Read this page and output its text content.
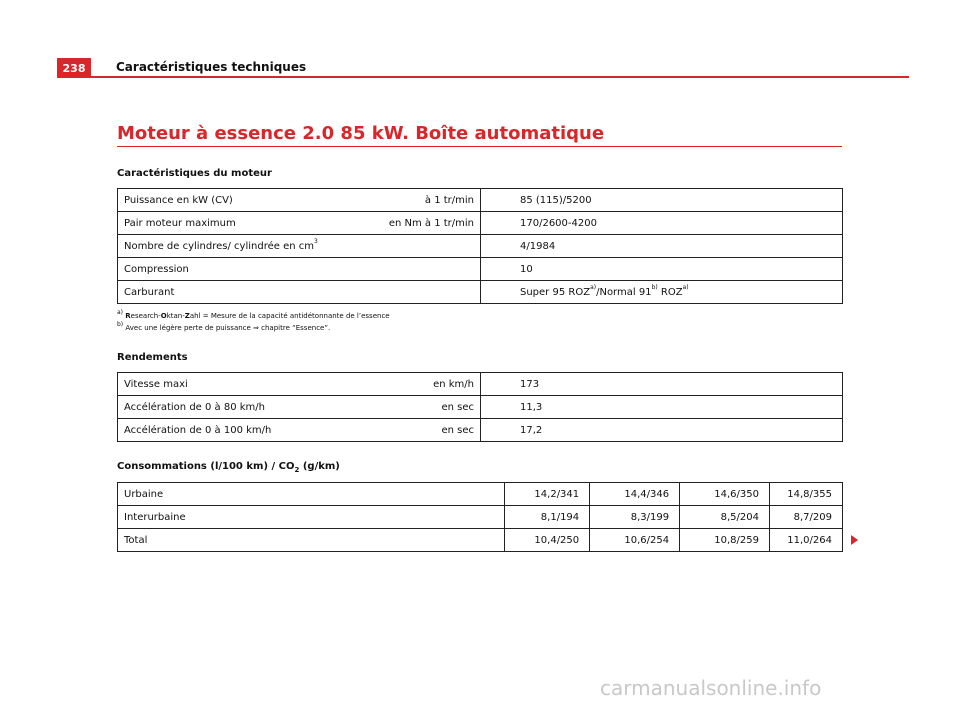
238	Caractéristiques techniques
Moteur à essence 2.0 85 kW. Boîte automatique
Caractéristiques du moteur
Puissance en kW (CV)	à 1 tr/min	85 (115)/5200
Pair moteur maximum	en Nm à 1 tr/min	170/2600-4200
Nombre de cylindres/ cylindrée en $cm^3$		4/1984
Compression		10
Carburant		Super 95 ROZ$^{a)}$/Normal 91$^{b)}$ ROZ$^{a)}$
$^{a)}$ Research-Oktan-Zahl = Mesure de la capacité antidétonnante de l’essence
$^{b)}$ Avec une légère perte de puissance ⇒ chapitre “Essence”.
Rendements
Vitesse maxi	en km/h	173
Accélération de 0 à 80 km/h	en sec	11,3
Accélération de 0 à 100 km/h	en sec	17,2
Consommations (l/100 $km) / CO_2$ (g/km)
Urbaine	14,2/341	14,4/346	14,6/350	14,8/355
Interurbaine	8,1/194	8,3/199	8,5/204	8,7/209
Total	10,4/250	10,6/254	10,8/259	11,0/264
carmanualsonline.info
